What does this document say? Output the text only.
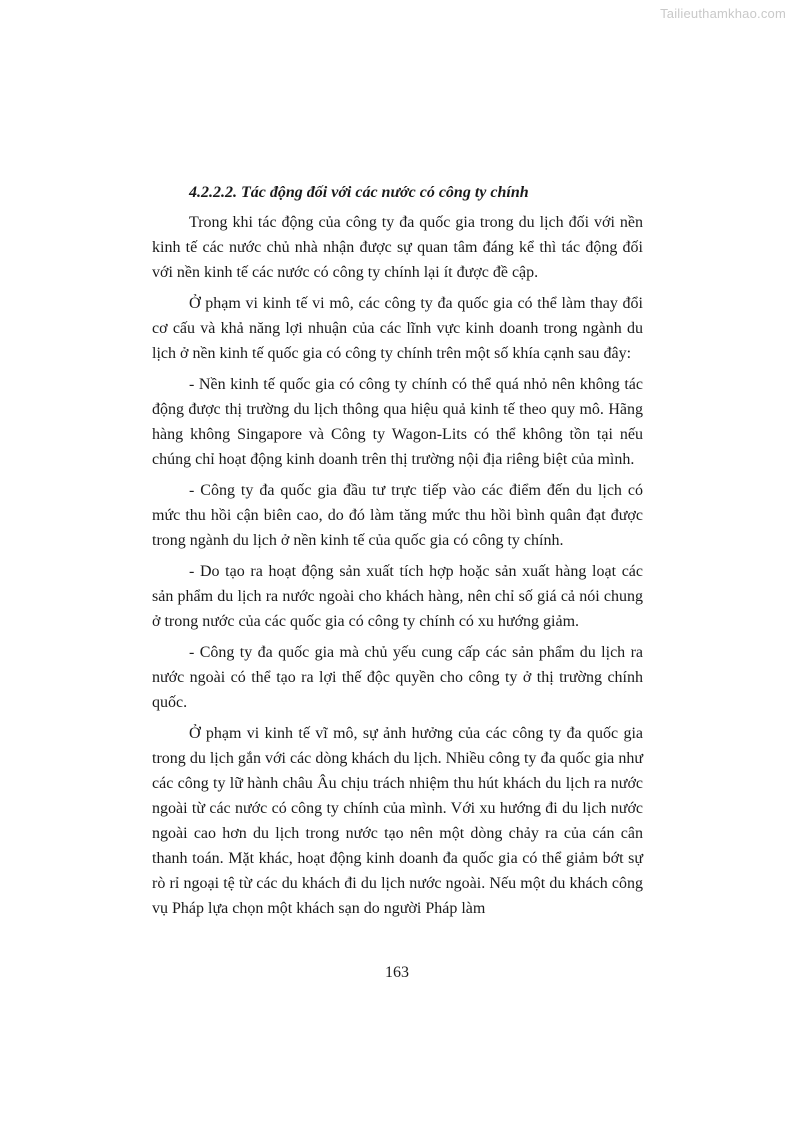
Tailieuthamkhao.com
4.2.2.2. Tác động đối với các nước có công ty chính

Trong khi tác động của công ty đa quốc gia trong du lịch đối với nền kinh tế các nước chủ nhà nhận được sự quan tâm đáng kể thì tác động đối với nền kinh tế các nước có công ty chính lại ít được đề cập.

Ở phạm vi kinh tế vi mô, các công ty đa quốc gia có thể làm thay đổi cơ cấu và khả năng lợi nhuận của các lĩnh vực kinh doanh trong ngành du lịch ở nền kinh tế quốc gia có công ty chính trên một số khía cạnh sau đây:

- Nền kinh tế quốc gia có công ty chính có thể quá nhỏ nên không tác động được thị trường du lịch thông qua hiệu quả kinh tế theo quy mô. Hãng hàng không Singapore và Công ty Wagon-Lits có thể không tồn tại nếu chúng chỉ hoạt động kinh doanh trên thị trường nội địa riêng biệt của mình.

- Công ty đa quốc gia đầu tư trực tiếp vào các điểm đến du lịch có mức thu hồi cận biên cao, do đó làm tăng mức thu hồi bình quân đạt được trong ngành du lịch ở nền kinh tế của quốc gia có công ty chính.

- Do tạo ra hoạt động sản xuất tích hợp hoặc sản xuất hàng loạt các sản phẩm du lịch ra nước ngoài cho khách hàng, nên chỉ số giá cả nói chung ở trong nước của các quốc gia có công ty chính có xu hướng giảm.

- Công ty đa quốc gia mà chủ yếu cung cấp các sản phẩm du lịch ra nước ngoài có thể tạo ra lợi thế độc quyền cho công ty ở thị trường chính quốc.

Ở phạm vi kinh tế vĩ mô, sự ảnh hưởng của các công ty đa quốc gia trong du lịch gắn với các dòng khách du lịch. Nhiều công ty đa quốc gia như các công ty lữ hành châu Âu chịu trách nhiệm thu hút khách du lịch ra nước ngoài từ các nước có công ty chính của mình. Với xu hướng đi du lịch nước ngoài cao hơn du lịch trong nước tạo nên một dòng chảy ra của cán cân thanh toán. Mặt khác, hoạt động kinh doanh đa quốc gia có thể giảm bớt sự rò rỉ ngoại tệ từ các du khách đi du lịch nước ngoài. Nếu một du khách công vụ Pháp lựa chọn một khách sạn do người Pháp làm

163
